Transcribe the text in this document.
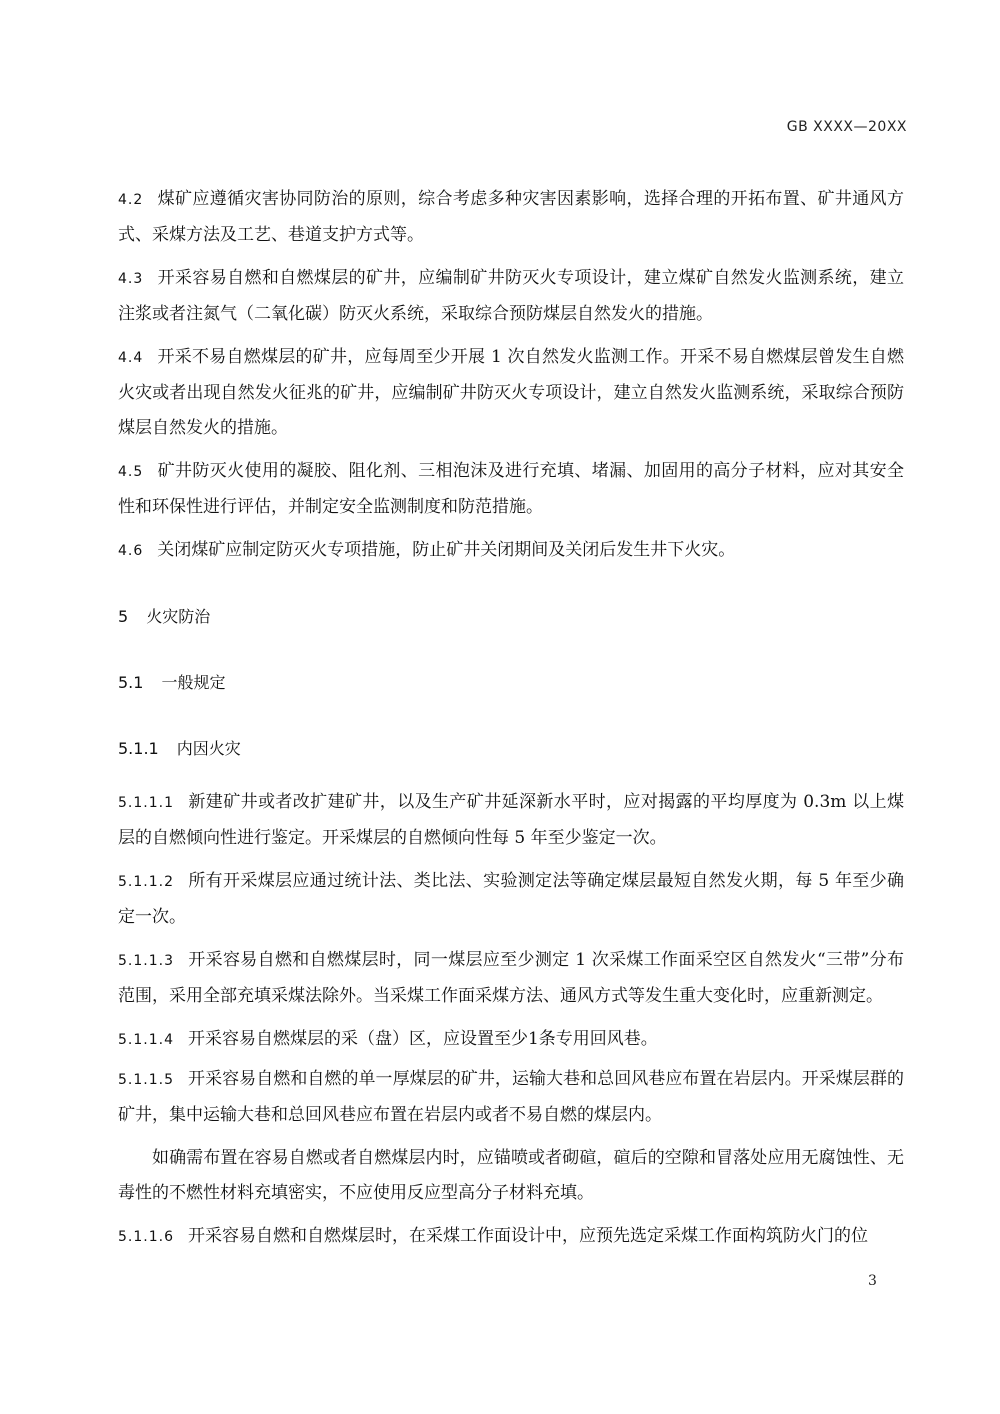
GB XXXX—20XX

4.2 煤矿应遵循灾害协同防治的原则，综合考虑多种灾害因素影响，选择合理的开拓布置、矿井通风方式、采煤方法及工艺、巷道支护方式等。

4.3 开采容易自燃和自燃煤层的矿井，应编制矿井防灭火专项设计，建立煤矿自然发火监测系统，建立注浆或者注氮气（二氧化碳）防灭火系统，采取综合预防煤层自然发火的措施。

4.4 开采不易自燃煤层的矿井，应每周至少开展 1 次自然发火监测工作。开采不易自燃煤层曾发生自燃火灾或者出现自然发火征兆的矿井，应编制矿井防灭火专项设计，建立自然发火监测系统，采取综合预防煤层自然发火的措施。

4.5 矿井防灭火使用的凝胶、阻化剂、三相泡沫及进行充填、堵漏、加固用的高分子材料，应对其安全性和环保性进行评估，并制定安全监测制度和防范措施。

4.6 关闭煤矿应制定防灭火专项措施，防止矿井关闭期间及关闭后发生井下火灾。

5 火灾防治
5.1 一般规定
5.1.1 内因火灾

5.1.1.1 新建矿井或者改扩建矿井，以及生产矿井延深新水平时，应对揭露的平均厚度为 0.3m 以上煤层的自燃倾向性进行鉴定。开采煤层的自燃倾向性每 5 年至少鉴定一次。

5.1.1.2 所有开采煤层应通过统计法、类比法、实验测定法等确定煤层最短自然发火期，每 5 年至少确定一次。

5.1.1.3 开采容易自燃和自燃煤层时，同一煤层应至少测定 1 次采煤工作面采空区自然发火“三带”分布范围，采用全部充填采煤法除外。当采煤工作面采煤方法、通风方式等发生重大变化时，应重新测定。

5.1.1.4 开采容易自燃煤层的采（盘）区，应设置至少1条专用回风巷。

5.1.1.5 开采容易自燃和自燃的单一厚煤层的矿井，运输大巷和总回风巷应布置在岩层内。开采煤层群的矿井，集中运输大巷和总回风巷应布置在岩层内或者不易自燃的煤层内。

如确需布置在容易自燃或者自燃煤层内时，应锚喷或者砌碹，碹后的空隙和冒落处应用无腐蚀性、无毒性的不燃性材料充填密实，不应使用反应型高分子材料充填。

5.1.1.6 开采容易自燃和自燃煤层时，在采煤工作面设计中，应预先选定采煤工作面构筑防火门的位

3
